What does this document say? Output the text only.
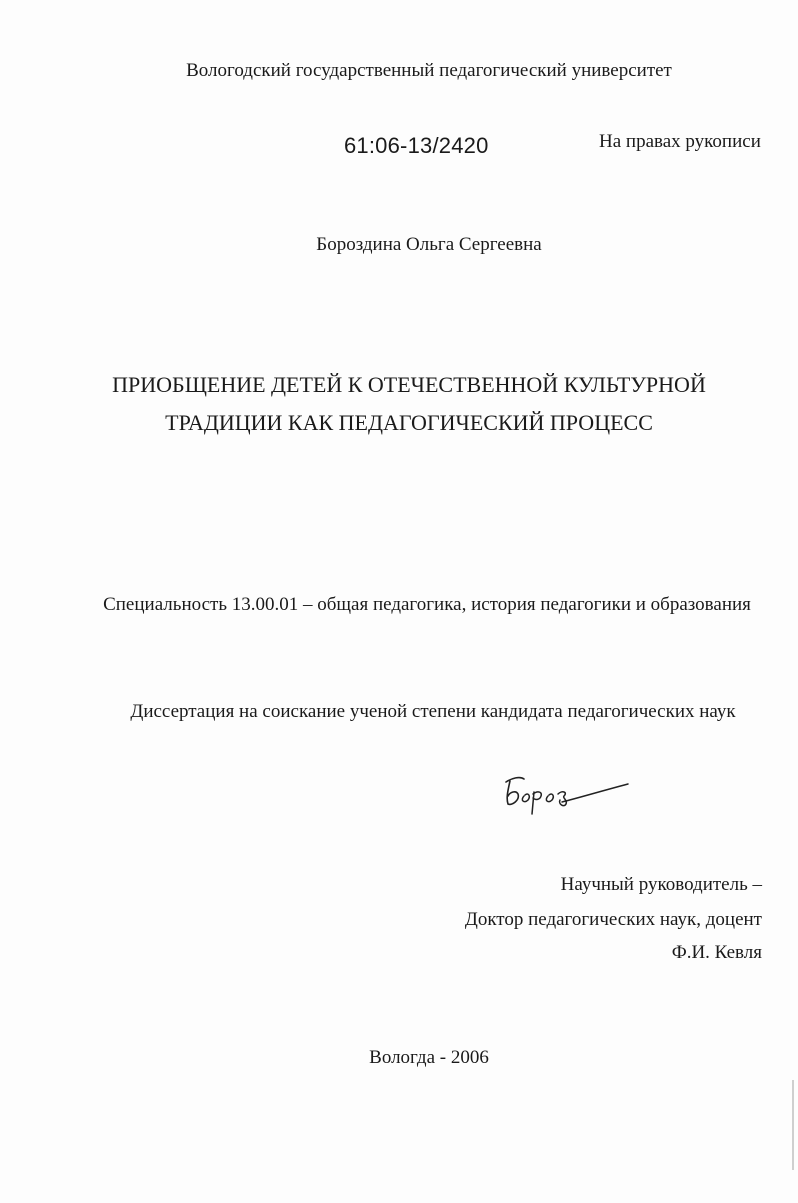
Вологодский государственный педагогический университет
61:06-13/2420	На правах рукописи
Бороздина Ольга Сергеевна
ПРИОБЩЕНИЕ ДЕТЕЙ К ОТЕЧЕСТВЕННОЙ КУЛЬТУРНОЙ
ТРАДИЦИИ КАК ПЕДАГОГИЧЕСКИЙ ПРОЦЕСС
Специальность 13.00.01 – общая педагогика, история педагогики и образования
Диссертация на соискание ученой степени кандидата педагогических наук
Научный руководитель –
Доктор педагогических наук, доцент
Ф.И. Кевля
Вологда - 2006
